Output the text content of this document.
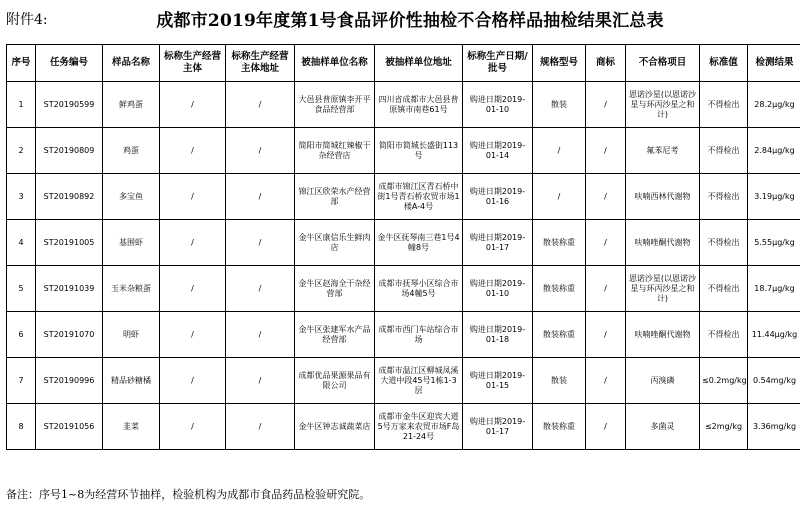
附件4:	成都市2019年度第1号食品评价性抽检不合格样品抽检结果汇总表
序号	任务编号	样品名称	标称生产经营主体	标称生产经营主体地址	被抽样单位名称	被抽样单位地址	标称生产日期/批号	规格型号	商标	不合格项目	标准值	检测结果
1	ST20190599	鲜鸡蛋	/	/	大邑县普原镇李开平食品经营部	四川省成都市大邑县普原镇市南巷61号	购进日期2019-01-10	散装	/	恩诺沙星(以恩诺沙星与环丙沙星之和计)	不得检出	28.2μg/kg
2	ST20190809	鸡蛋	/	/	简阳市简城红辣椒干杂经营店	简阳市简城长盛街113号	购进日期2019-01-14	/	/	氟苯尼考	不得检出	2.84μg/kg
3	ST20190892	多宝鱼	/	/	锦江区欣荣水产经营部	成都市锦江区青石桥中街1号青石桥农贸市场1楼A-4号	购进日期2019-01-16	/	/	呋喃西林代谢物	不得检出	3.19μg/kg
4	ST20191005	基围虾	/	/	金牛区康信乐生鲜肉店	金牛区抚琴南三巷1号4幢8号	购进日期2019-01-17	散装称重	/	呋喃唑酮代谢物	不得检出	5.55μg/kg
5	ST20191039	玉米杂粮蛋	/	/	金牛区赵海全干杂经营部	成都市抚琴小区综合市场4幢5号	购进日期2019-01-10	散装称重	/	恩诺沙星(以恩诺沙星与环丙沙星之和计)	不得检出	18.7μg/kg
6	ST20191070	明虾	/	/	金牛区张建军水产品经营部	成都市西门车站综合市场	购进日期2019-01-18	散装称重	/	呋喃唑酮代谢物	不得检出	11.44μg/kg
7	ST20190996	精品砂糖橘	/	/	成都优品果源果品有限公司	成都市温江区柳城凤溪大道中段45号1栋1-3层	购进日期2019-01-15	散装	/	丙溴磷	≤0.2mg/kg	0.54mg/kg
8	ST20191056	韭菜	/	/	金牛区钟志诚蔬菜店	成都市金牛区迎宾大道5号万家来农贸市场F岛21-24号	购进日期2019-01-17	散装称重	/	多菌灵	≤2mg/kg	3.36mg/kg
备注：序号1~8为经营环节抽样，检验机构为成都市食品药品检验研究院。
